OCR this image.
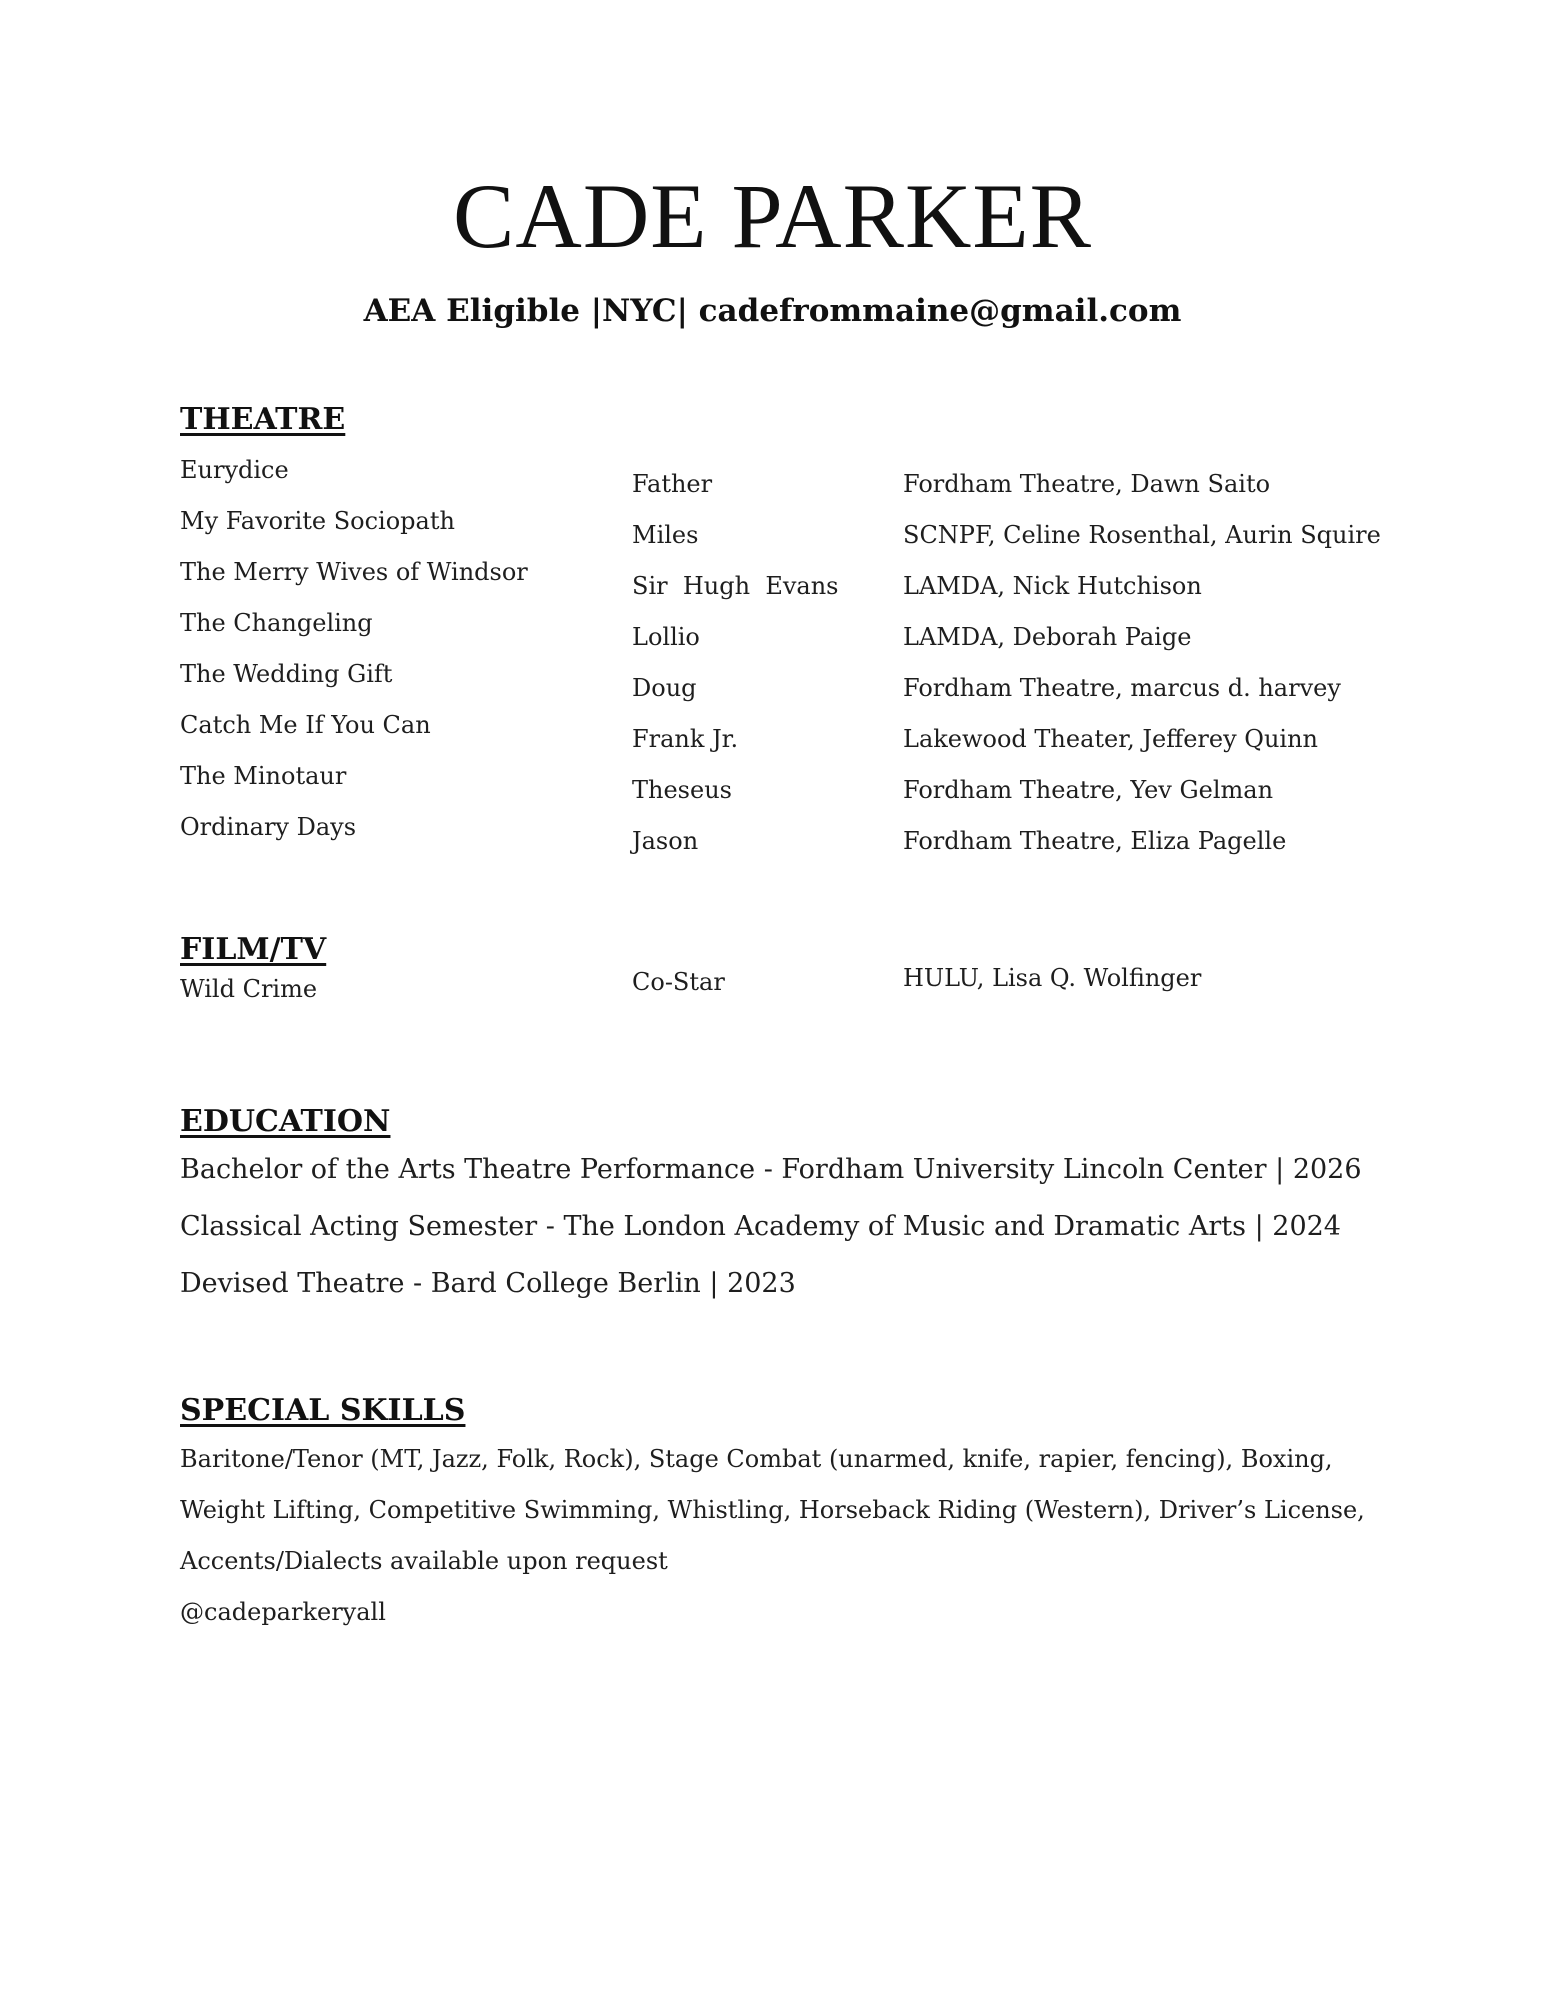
CADE PARKER
AEA Eligible |NYC| cadefrommaine@gmail.com
THEATRE
Eurydice
My Favorite Sociopath
The Merry Wives of Windsor
The Changeling
The Wedding Gift
Catch Me If You Can
The Minotaur
Ordinary Days
Father
Miles
Sir  Hugh  Evans
Lollio
Doug
Frank Jr.
Theseus
Jason
Fordham Theatre, Dawn Saito
SCNPF, Celine Rosenthal, Aurin Squire
LAMDA, Nick Hutchison
LAMDA, Deborah Paige
Fordham Theatre, marcus d. harvey
Lakewood Theater, Jefferey Quinn
Fordham Theatre, Yev Gelman
Fordham Theatre, Eliza Pagelle
FILM/TV
Wild Crime	Co-Star	HULU, Lisa Q. Wolfinger
EDUCATION
Bachelor of the Arts Theatre Performance - Fordham University Lincoln Center | 2026
Classical Acting Semester - The London Academy of Music and Dramatic Arts | 2024
Devised Theatre - Bard College Berlin | 2023
SPECIAL SKILLS
Baritone/Tenor (MT, Jazz, Folk, Rock), Stage Combat (unarmed, knife, rapier, fencing), Boxing,
Weight Lifting, Competitive Swimming, Whistling, Horseback Riding (Western), Driver’s License,
Accents/Dialects available upon request
@cadeparkeryall
